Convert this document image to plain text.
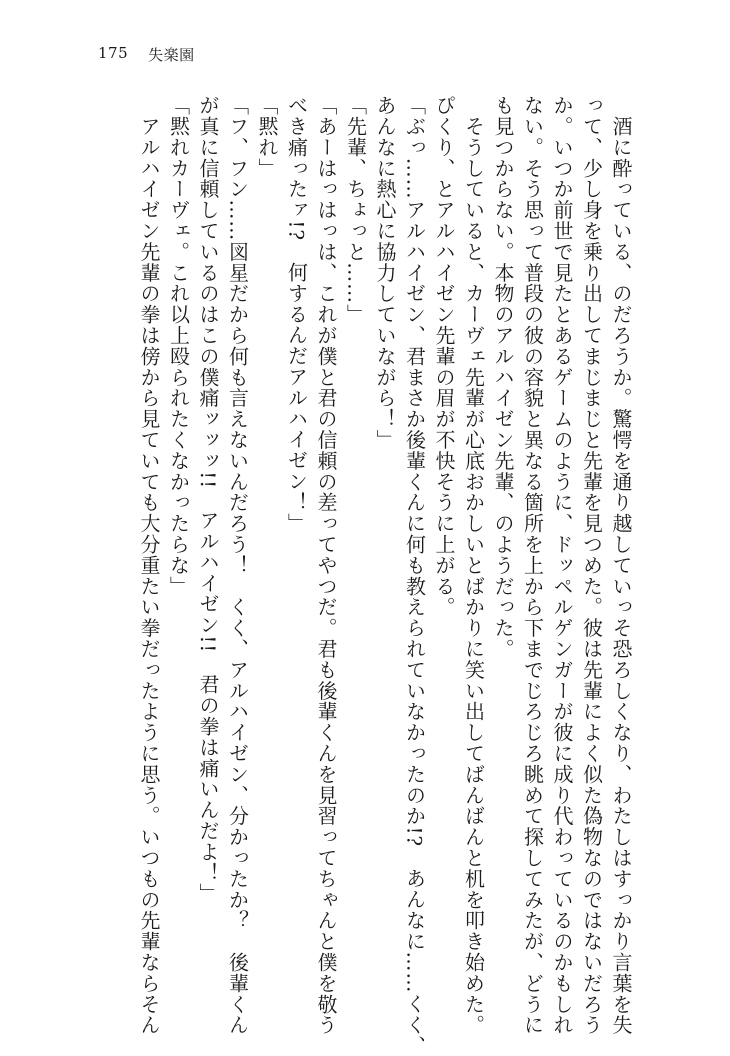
175 失楽園

　酒に酔っている、のだろうか。驚愕を通り越していっそ恐ろしくなり、わたしはすっかり言葉を失

って、少し身を乗り出してまじまじと先輩を見つめた。彼は先輩によく似た偽物なのではないだろう

か。いつか前世で見たとあるゲームのように、ドッペルゲンガーが彼に成り代わっているのかもしれ

ない。そう思って普段の彼の容貌と異なる箇所を上から下までじろじろ眺めて探してみたが、どうに

も見つからない。本物のアルハイゼン先輩、のようだった。

　そうしていると、カーヴェ先輩が心底おかしいとばかりに笑い出してばんばんと机を叩き始めた。

ぴくり、とアルハイゼン先輩の眉が不快そうに上がる。

「ぶっ……アルハイゼン、君まさか後輩くんに何も教えられていなかったのか!?　あんなに……くく、

あんなに熱心に協力していながら！」

「先輩、ちょっと……」

「あーはっはっは、これが僕と君の信頼の差ってやつだ。君も後輩くんを見習ってちゃんと僕を敬う

べき痛ったァ!?　何するんだアルハイゼン！」

「黙れ」

「フ、フン……図星だから何も言えないんだろう！　くく、アルハイゼン、分かったか？　後輩くん

が真に信頼しているのはこの僕痛ッッッ!!　アルハイゼン!!　君の拳は痛いんだよ！」

「黙れカーヴェ。これ以上殴られたくなかったらな」

　アルハイゼン先輩の拳は傍から見ていても大分重たい拳だったように思う。いつもの先輩ならそん
